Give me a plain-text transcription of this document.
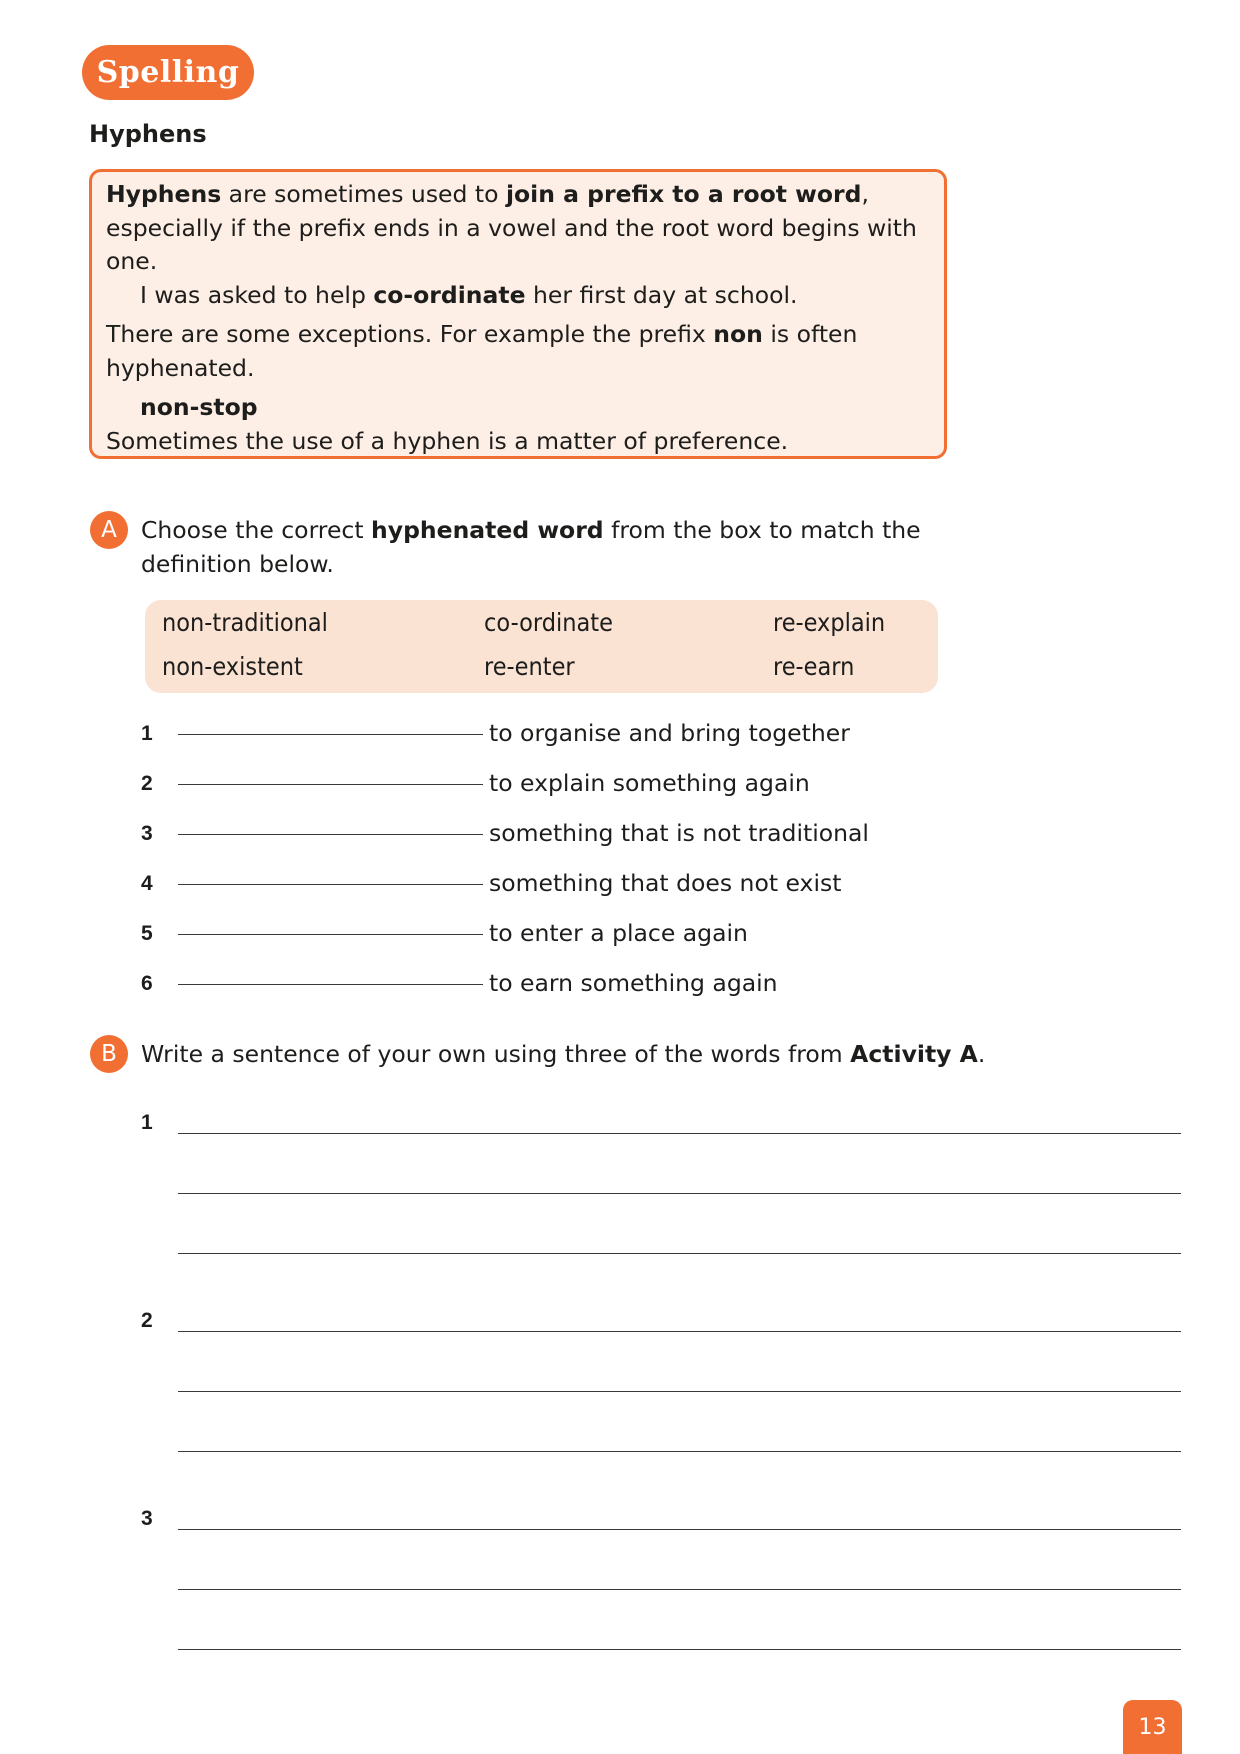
Spelling
Hyphens

Hyphens are sometimes used to join a prefix to a root word, especially if the prefix ends in a vowel and the root word begins with one.

I was asked to help co-ordinate her first day at school.

There are some exceptions. For example the prefix non is often hyphenated.

non-stop

Sometimes the use of a hyphen is a matter of preference.

A	Choose the correct hyphenated word from the box to match the definition below.
non-traditional	co-ordinate	re-explain
non-existent	re-enter	re-earn
1	to organise and bring together
2	to explain something again
3	something that is not traditional
4	something that does not exist
5	to enter a place again
6	to earn something again
B	Write a sentence of your own using three of the words from Activity A.
1
2
3
13
